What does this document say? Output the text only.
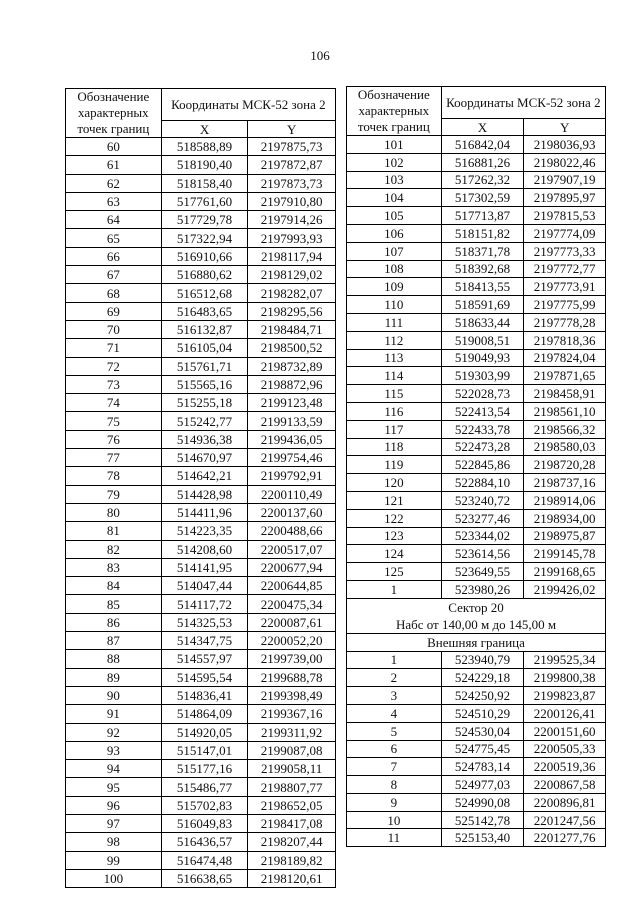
106
Обозначение характерных точек границ	Координаты МСК-52 зона 2	
	X	Y
60	518588,89	2197875,73
61	518190,40	2197872,87
62	518158,40	2197873,73
63	517761,60	2197910,80
64	517729,78	2197914,26
65	517322,94	2197993,93
66	516910,66	2198117,94
67	516880,62	2198129,02
68	516512,68	2198282,07
69	516483,65	2198295,56
70	516132,87	2198484,71
71	516105,04	2198500,52
72	515761,71	2198732,89
73	515565,16	2198872,96
74	515255,18	2199123,48
75	515242,77	2199133,59
76	514936,38	2199436,05
77	514670,97	2199754,46
78	514642,21	2199792,91
79	514428,98	2200110,49
80	514411,96	2200137,60
81	514223,35	2200488,66
82	514208,60	2200517,07
83	514141,95	2200677,94
84	514047,44	2200644,85
85	514117,72	2200475,34
86	514325,53	2200087,61
87	514347,75	2200052,20
88	514557,97	2199739,00
89	514595,54	2199688,78
90	514836,41	2199398,49
91	514864,09	2199367,16
92	514920,05	2199311,92
93	515147,01	2199087,08
94	515177,16	2199058,11
95	515486,77	2198807,77
96	515702,83	2198652,05
97	516049,83	2198417,08
98	516436,57	2198207,44
99	516474,48	2198189,82
100	516638,65	2198120,61
Обозначение характерных точек границ	Координаты МСК-52 зона 2	
	X	Y
101	516842,04	2198036,93
102	516881,26	2198022,46
103	517262,32	2197907,19
104	517302,59	2197895,97
105	517713,87	2197815,53
106	518151,82	2197774,09
107	518371,78	2197773,33
108	518392,68	2197772,77
109	518413,55	2197773,91
110	518591,69	2197775,99
111	518633,44	2197778,28
112	519008,51	2197818,36
113	519049,93	2197824,04
114	519303,99	2197871,65
115	522028,73	2198458,91
116	522413,54	2198561,10
117	522433,78	2198566,32
118	522473,28	2198580,03
119	522845,86	2198720,28
120	522884,10	2198737,16
121	523240,72	2198914,06
122	523277,46	2198934,00
123	523344,02	2198975,87
124	523614,56	2199145,78
125	523649,55	2199168,65
1	523980,26	2199426,02
Сектор 20		
Набс от 140,00 м до 145,00 м		
Внешняя граница		
1	523940,79	2199525,34
2	524229,18	2199800,38
3	524250,92	2199823,87
4	524510,29	2200126,41
5	524530,04	2200151,60
6	524775,45	2200505,33
7	524783,14	2200519,36
8	524977,03	2200867,58
9	524990,08	2200896,81
10	525142,78	2201247,56
11	525153,40	2201277,76
